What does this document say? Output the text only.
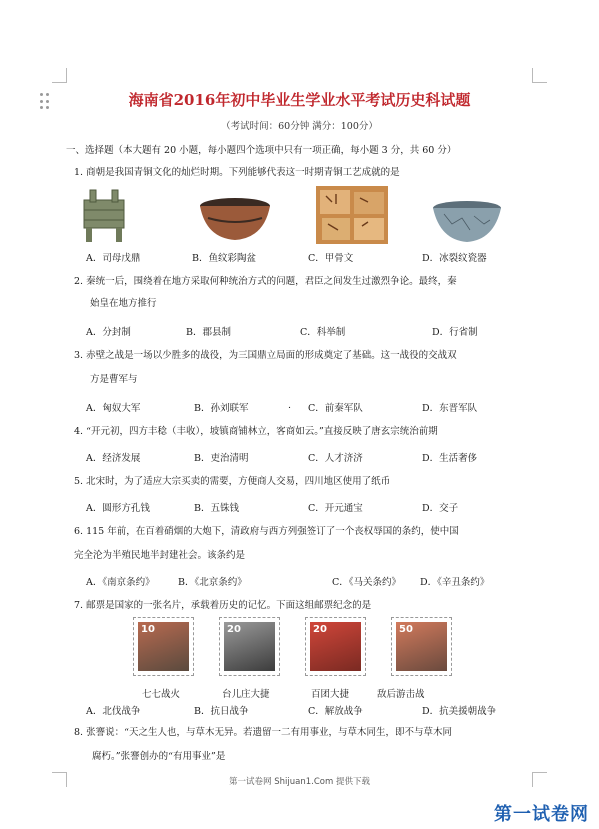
海南省2016年初中毕业生学业水平考试历史科试题
（考试时间：60分钟 满分：100分）
一、选择题（本大题有 20 小题，每小题四个选项中只有一项正确，每小题 3 分，共 60 分）
1. 商朝是我国青铜文化的灿烂时期。下列能够代表这一时期青铜工艺成就的是
A．司母戊鼎	B．鱼纹彩陶盆	C．甲骨文	D．冰裂纹瓷器
2. 秦统一后，围绕着在地方采取何种统治方式的问题，君臣之间发生过激烈争论。最终，秦
始皇在地方推行
A．分封制	B．郡县制	C．科举制	D．行省制
3. 赤壁之战是一场以少胜多的战役，为三国鼎立局面的形成奠定了基础。这一战役的交战双
方是曹军与
A．匈奴大军	B．孙刘联军	. C．前秦军队	D．东晋军队
4. “开元初，四方丰稔（丰收），坡镇商铺林立，客商如云。”直接反映了唐玄宗统治前期
A．经济发展	B．吏治清明	C．人才济济	D．生活奢侈
5. 北宋时，为了适应大宗买卖的需要，方便商人交易，四川地区使用了纸币
A．圆形方孔钱	B．五铢钱	C．开元通宝	D．交子
6. 115 年前，在百着硝烟的大炮下，清政府与西方列强签订了一个丧权辱国的条约，使中国
完全沦为半殖民地半封建社会。该条约是
A．《南京条约》 B．《北京条约》	C．《马关条约》 D．《辛丑条约》
7. 邮票是国家的一张名片，承载着历史的记忆。下面这组邮票纪念的是
10	20	20	50
七七战火	台儿庄大捷	百团大捷	敌后游击战
A．北伐战争	B．抗日战争	C．解放战争	D．抗美援朝战争
8. 张謇说：“天之生人也，与草木无异。若遗留一二有用事业，与草木同生，即不与草木同
腐朽。”张謇创办的“有用事业”是
第一试卷网 Shijuan1.Com 提供下载
第一试卷网
